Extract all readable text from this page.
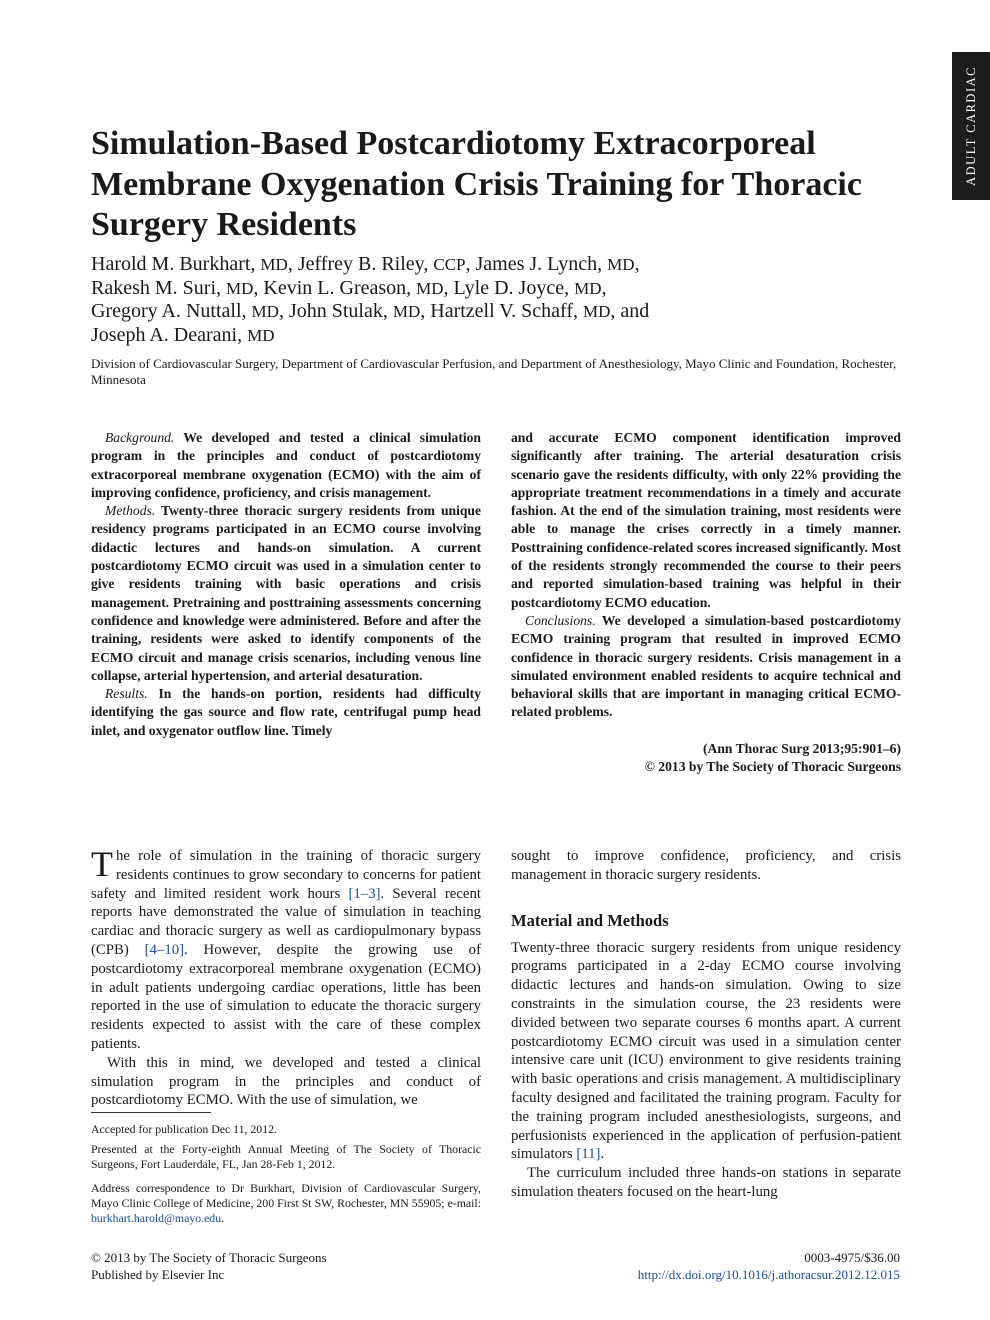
ADULT CARDIAC
Simulation-Based Postcardiotomy Extracorporeal Membrane Oxygenation Crisis Training for Thoracic Surgery Residents
Harold M. Burkhart, MD, Jeffrey B. Riley, CCP, James J. Lynch, MD,
Rakesh M. Suri, MD, Kevin L. Greason, MD, Lyle D. Joyce, MD,
Gregory A. Nuttall, MD, John Stulak, MD, Hartzell V. Schaff, MD, and
Joseph A. Dearani, MD
Division of Cardiovascular Surgery, Department of Cardiovascular Perfusion, and Department of Anesthesiology, Mayo Clinic and Foundation, Rochester, Minnesota

Background. We developed and tested a clinical simulation program in the principles and conduct of postcardiotomy extracorporeal membrane oxygenation (ECMO) with the aim of improving confidence, proficiency, and crisis management.

Methods. Twenty-three thoracic surgery residents from unique residency programs participated in an ECMO course involving didactic lectures and hands-on simulation. A current postcardiotomy ECMO circuit was used in a simulation center to give residents training with basic operations and crisis management. Pretraining and posttraining assessments concerning confidence and knowledge were administered. Before and after the training, residents were asked to identify components of the ECMO circuit and manage crisis scenarios, including venous line collapse, arterial hypertension, and arterial desaturation.

Results. In the hands-on portion, residents had difficulty identifying the gas source and flow rate, centrifugal pump head inlet, and oxygenator outflow line. Timely

and accurate ECMO component identification improved significantly after training. The arterial desaturation crisis scenario gave the residents difficulty, with only 22% providing the appropriate treatment recommendations in a timely and accurate fashion. At the end of the simulation training, most residents were able to manage the crises correctly in a timely manner. Posttraining confidence-related scores increased significantly. Most of the residents strongly recommended the course to their peers and reported simulation-based training was helpful in their postcardiotomy ECMO education.

Conclusions. We developed a simulation-based postcardiotomy ECMO training program that resulted in improved ECMO confidence in thoracic surgery residents. Crisis management in a simulated environment enabled residents to acquire technical and behavioral skills that are important in managing critical ECMO-related problems.

(Ann Thorac Surg 2013;95:901–6)

© 2013 by The Society of Thoracic Surgeons

The role of simulation in the training of thoracic surgery residents continues to grow secondary to concerns for patient safety and limited resident work hours [1–3]. Several recent reports have demonstrated the value of simulation in teaching cardiac and thoracic surgery as well as cardiopulmonary bypass (CPB) [4–10]. However, despite the growing use of postcardiotomy extracorporeal membrane oxygenation (ECMO) in adult patients undergoing cardiac operations, little has been reported in the use of simulation to educate the thoracic surgery residents expected to assist with the care of these complex patients.

With this in mind, we developed and tested a clinical simulation program in the principles and conduct of postcardiotomy ECMO. With the use of simulation, we

sought to improve confidence, proficiency, and crisis management in thoracic surgery residents.

Material and Methods

Twenty-three thoracic surgery residents from unique residency programs participated in a 2-day ECMO course involving didactic lectures and hands-on simulation. Owing to size constraints in the simulation course, the 23 residents were divided between two separate courses 6 months apart. A current postcardiotomy ECMO circuit was used in a simulation center intensive care unit (ICU) environment to give residents training with basic operations and crisis management. A multidisciplinary faculty designed and facilitated the training program. Faculty for the training program included anesthesiologists, surgeons, and perfusionists experienced in the application of perfusion-patient simulators [11].

The curriculum included three hands-on stations in separate simulation theaters focused on the heart-lung

Accepted for publication Dec 11, 2012.

Presented at the Forty-eighth Annual Meeting of The Society of Thoracic Surgeons, Fort Lauderdale, FL, Jan 28-Feb 1, 2012.

Address correspondence to Dr Burkhart, Division of Cardiovascular Surgery, Mayo Clinic College of Medicine, 200 First St SW, Rochester, MN 55905; e-mail: burkhart.harold@mayo.edu.

© 2013 by The Society of Thoracic Surgeons
Published by Elsevier Inc
0003-4975/$36.00
http://dx.doi.org/10.1016/j.athoracsur.2012.12.015
